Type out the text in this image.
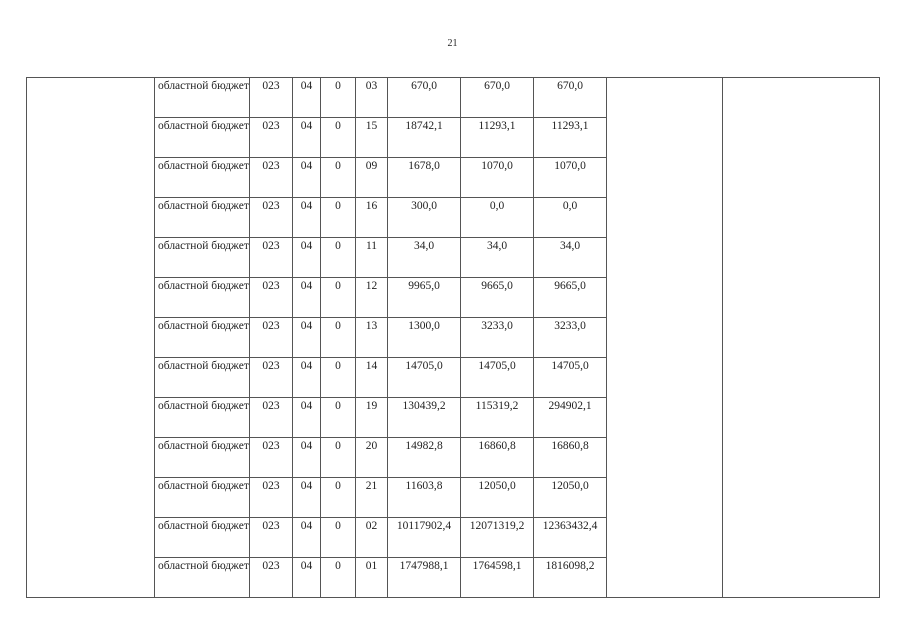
21
	областной бюджет	023	04	0	03	670,0	670,0	670,0		
	областной бюджет	023	04	0	15	18742,1	11293,1	11293,1		
	областной бюджет	023	04	0	09	1678,0	1070,0	1070,0		
	областной бюджет	023	04	0	16	300,0	0,0	0,0		
	областной бюджет	023	04	0	11	34,0	34,0	34,0		
	областной бюджет	023	04	0	12	9965,0	9665,0	9665,0		
	областной бюджет	023	04	0	13	1300,0	3233,0	3233,0		
	областной бюджет	023	04	0	14	14705,0	14705,0	14705,0		
	областной бюджет	023	04	0	19	130439,2	115319,2	294902,1		
	областной бюджет	023	04	0	20	14982,8	16860,8	16860,8		
	областной бюджет	023	04	0	21	11603,8	12050,0	12050,0		
	областной бюджет	023	04	0	02	10117902,4	12071319,2	12363432,4		
	областной бюджет	023	04	0	01	1747988,1	1764598,1	1816098,2		
